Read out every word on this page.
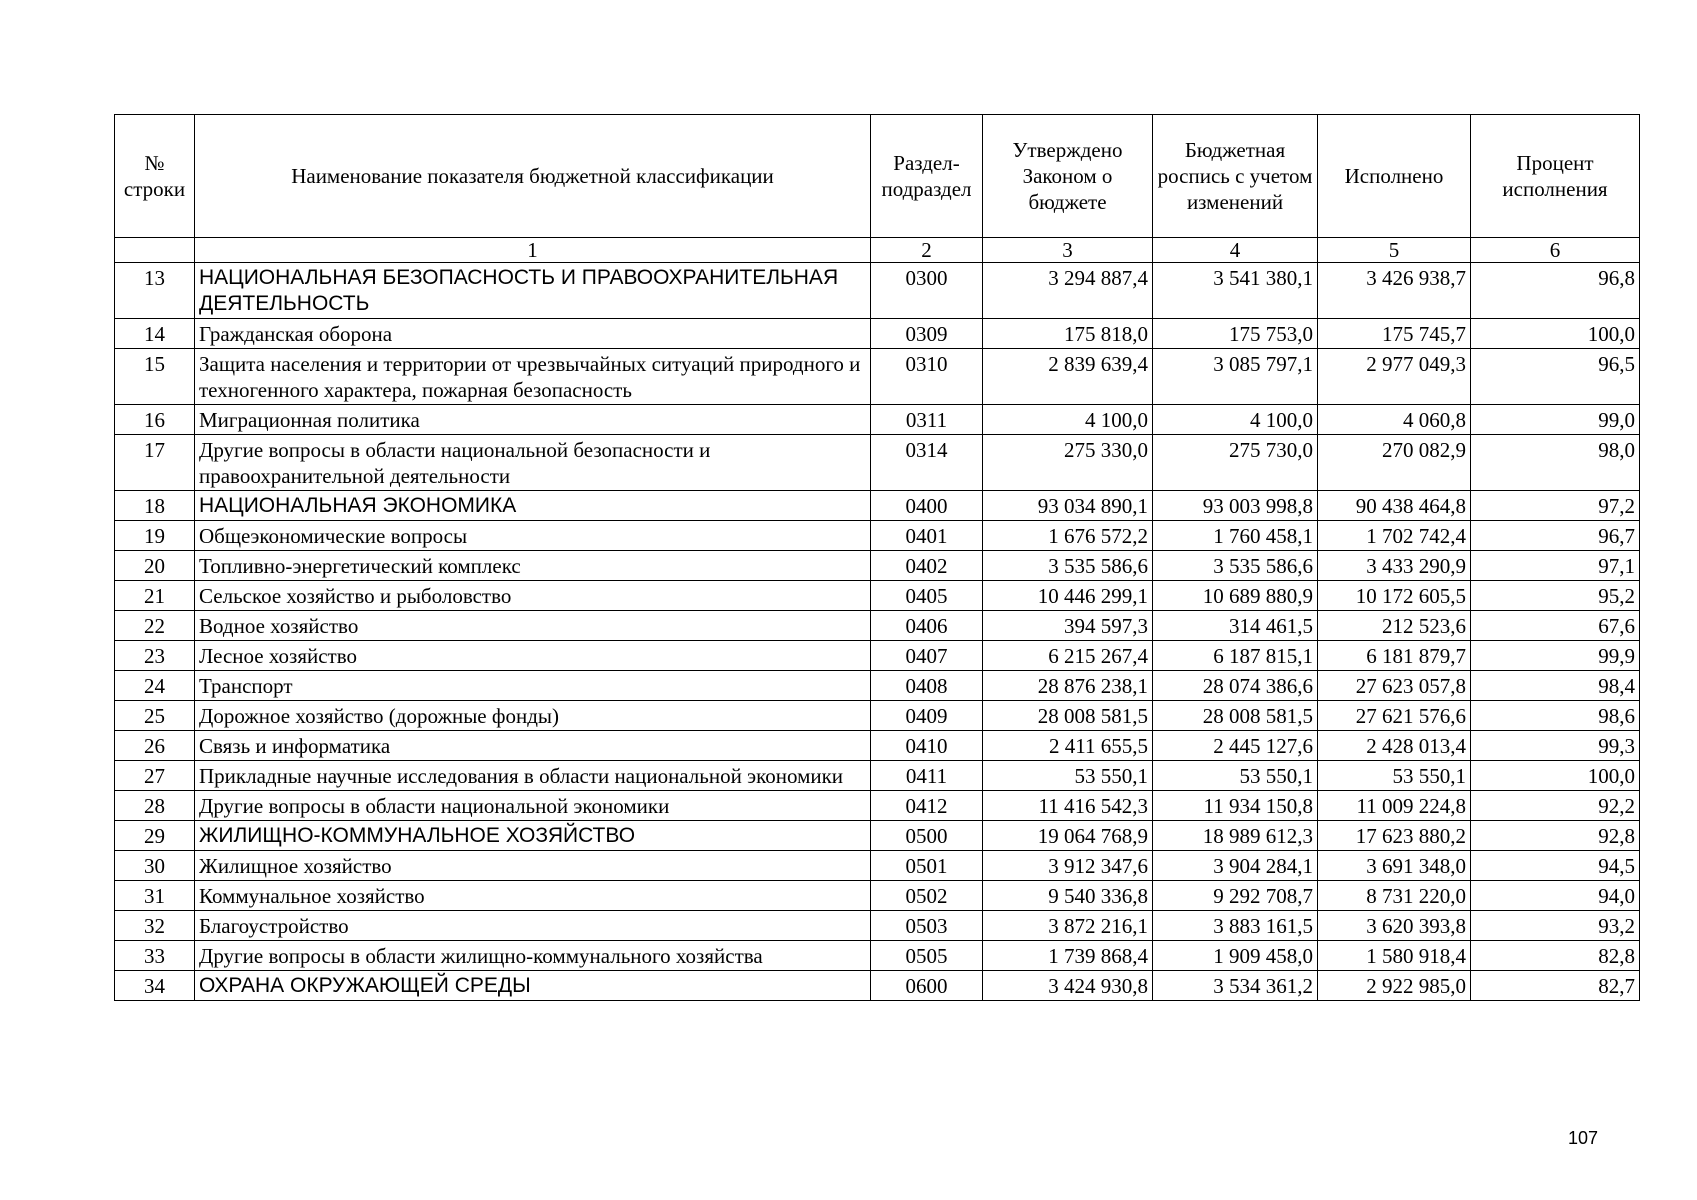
№ строки	Наименование показателя бюджетной классификации	Раздел-подраздел	Утверждено Законом о бюджете	Бюджетная роспись с учетом изменений	Исполнено	Процент исполнения
	1	2	3	4	5	6
13	НАЦИОНАЛЬНАЯ БЕЗОПАСНОСТЬ И ПРАВООХРАНИТЕЛЬНАЯ ДЕЯТЕЛЬНОСТЬ	0300	3 294 887,4	3 541 380,1	3 426 938,7	96,8
14	Гражданская оборона	0309	175 818,0	175 753,0	175 745,7	100,0
15	Защита населения и территории от чрезвычайных ситуаций природного и техногенного характера, пожарная безопасность	0310	2 839 639,4	3 085 797,1	2 977 049,3	96,5
16	Миграционная политика	0311	4 100,0	4 100,0	4 060,8	99,0
17	Другие вопросы в области национальной безопасности и правоохранительной деятельности	0314	275 330,0	275 730,0	270 082,9	98,0
18	НАЦИОНАЛЬНАЯ ЭКОНОМИКА	0400	93 034 890,1	93 003 998,8	90 438 464,8	97,2
19	Общеэкономические вопросы	0401	1 676 572,2	1 760 458,1	1 702 742,4	96,7
20	Топливно-энергетический комплекс	0402	3 535 586,6	3 535 586,6	3 433 290,9	97,1
21	Сельское хозяйство и рыболовство	0405	10 446 299,1	10 689 880,9	10 172 605,5	95,2
22	Водное хозяйство	0406	394 597,3	314 461,5	212 523,6	67,6
23	Лесное хозяйство	0407	6 215 267,4	6 187 815,1	6 181 879,7	99,9
24	Транспорт	0408	28 876 238,1	28 074 386,6	27 623 057,8	98,4
25	Дорожное хозяйство (дорожные фонды)	0409	28 008 581,5	28 008 581,5	27 621 576,6	98,6
26	Связь и информатика	0410	2 411 655,5	2 445 127,6	2 428 013,4	99,3
27	Прикладные научные исследования в области национальной экономики	0411	53 550,1	53 550,1	53 550,1	100,0
28	Другие вопросы в области национальной экономики	0412	11 416 542,3	11 934 150,8	11 009 224,8	92,2
29	ЖИЛИЩНО-КОММУНАЛЬНОЕ ХОЗЯЙСТВО	0500	19 064 768,9	18 989 612,3	17 623 880,2	92,8
30	Жилищное хозяйство	0501	3 912 347,6	3 904 284,1	3 691 348,0	94,5
31	Коммунальное хозяйство	0502	9 540 336,8	9 292 708,7	8 731 220,0	94,0
32	Благоустройство	0503	3 872 216,1	3 883 161,5	3 620 393,8	93,2
33	Другие вопросы в области жилищно-коммунального хозяйства	0505	1 739 868,4	1 909 458,0	1 580 918,4	82,8
34	ОХРАНА ОКРУЖАЮЩЕЙ СРЕДЫ	0600	3 424 930,8	3 534 361,2	2 922 985,0	82,7
107
